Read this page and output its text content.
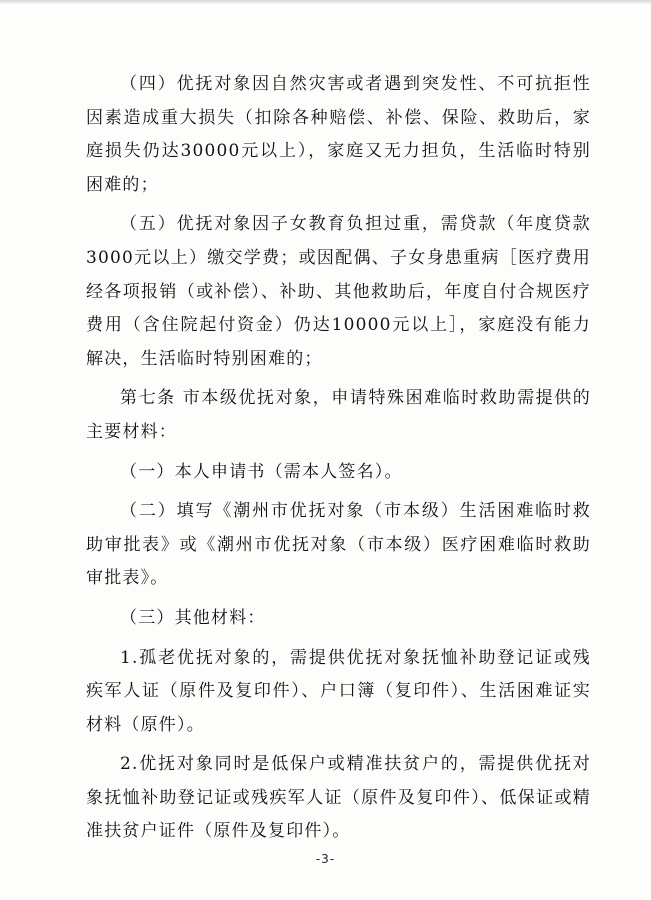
（四）优抚对象因自然灾害或者遇到突发性、不可抗拒性因素造成重大损失（扣除各种赔偿、补偿、保险、救助后，家庭损失仍达30000元以上），家庭又无力担负，生活临时特别困难的；

（五）优抚对象因子女教育负担过重，需贷款（年度贷款3000元以上）缴交学费；或因配偶、子女身患重病［医疗费用经各项报销（或补偿）、补助、其他救助后，年度自付合规医疗费用（含住院起付资金）仍达10000元以上］，家庭没有能力解决，生活临时特别困难的；

第七条 市本级优抚对象，申请特殊困难临时救助需提供的主要材料：

（一）本人申请书（需本人签名）。

（二）填写《潮州市优抚对象（市本级）生活困难临时救助审批表》或《潮州市优抚对象（市本级）医疗困难临时救助审批表》。

（三）其他材料：

1.孤老优抚对象的，需提供优抚对象抚恤补助登记证或残疾军人证（原件及复印件）、户口簿（复印件）、生活困难证实材料（原件）。

2.优抚对象同时是低保户或精准扶贫户的，需提供优抚对象抚恤补助登记证或残疾军人证（原件及复印件）、低保证或精准扶贫户证件（原件及复印件）。

-3-
